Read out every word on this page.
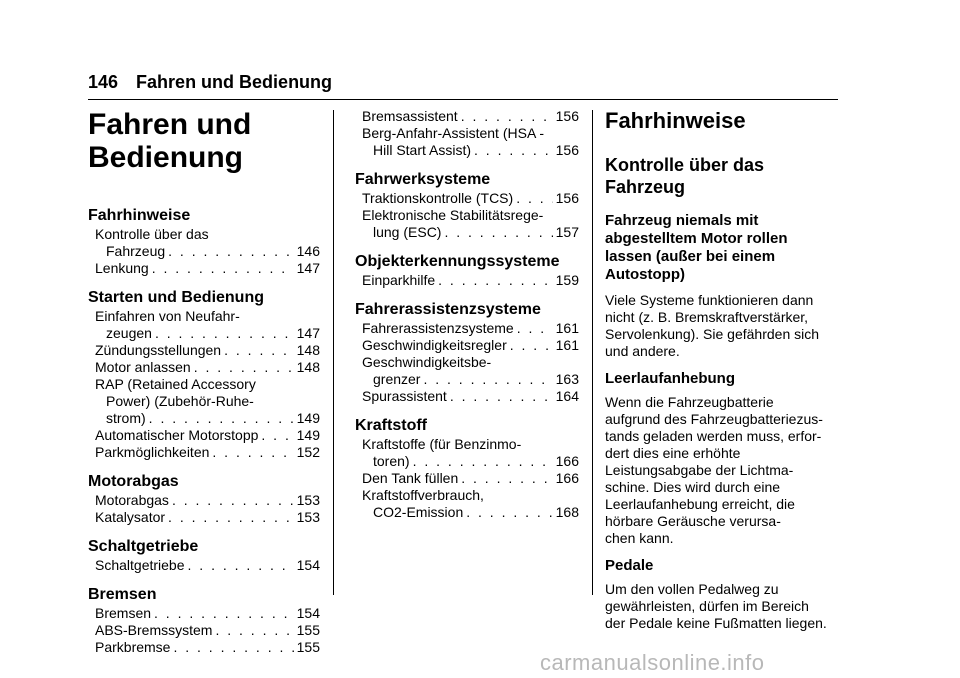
146 Fahren und Bedienung
Fahren und
Bedienung
Fahrhinweise
Kontrolle über das
Fahrzeug . . .	146
Lenkung . . .	147
Starten und Bedienung
Einfahren von Neufahr-
zeugen . . .	147
Zündungsstellungen . . .	148
Motor anlassen . . .	148
RAP (Retained Accessory
Power) (Zubehör-Ruhe-
strom) . . .	149
Automatischer Motorstopp . . .	149
Parkmöglichkeiten . . .	152
Motorabgas
Motorabgas . . .	153
Katalysator . . .	153
Schaltgetriebe
Schaltgetriebe . . .	154
Bremsen
Bremsen . . .	154
ABS-Bremssystem . . .	155
Parkbremse . . .	155
Bremsassistent . . .	156
Berg-Anfahr-Assistent (HSA -
Hill Start Assist) . . .	156
Fahrwerksysteme
Traktionskontrolle (TCS) . . .	156
Elektronische Stabilitätsrege-
lung (ESC) . . .	157
Objekterkennungssysteme
Einparkhilfe . . .	159
Fahrerassistenzsysteme
Fahrerassistenzsysteme . . .	161
Geschwindigkeitsregler . . .	161
Geschwindigkeitsbe-
grenzer . . .	163
Spurassistent . . .	164
Kraftstoff
Kraftstoffe (für Benzinmo-
toren) . . .	166
Den Tank füllen . . .	166
Kraftstoffverbrauch,
CO2-Emission . . .	168
Fahrhinweise
Kontrolle über das
Fahrzeug
Fahrzeug niemals mit
abgestelltem Motor rollen
lassen (außer bei einem
Autostopp)
Viele Systeme funktionieren dann
nicht (z. B. Bremskraftverstärker,
Servolenkung). Sie gefährden sich
und andere.
Leerlaufanhebung
Wenn die Fahrzeugbatterie
aufgrund des Fahrzeugbatteriezus-
tands geladen werden muss, erfor-
dert dies eine erhöhte
Leistungsabgabe der Lichtma-
schine. Dies wird durch eine
Leerlaufanhebung erreicht, die
hörbare Geräusche verursa-
chen kann.
Pedale
Um den vollen Pedalweg zu
gewährleisten, dürfen im Bereich
der Pedale keine Fußmatten liegen.
carmanualsonline.info
